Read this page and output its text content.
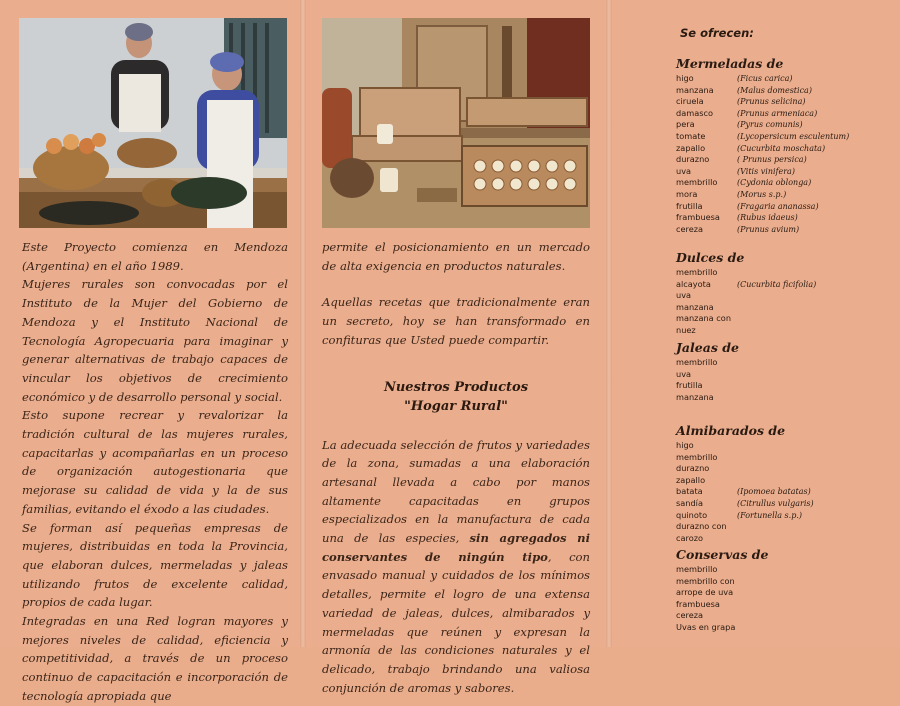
Este Proyecto comienza en Mendoza (Argentina) en el año 1989.

Mujeres rurales son convocadas por el Instituto de la Mujer del Gobierno de Mendoza y el Instituto Nacional de Tecnología Agropecuaria para imaginar y generar alternativas de trabajo capaces de vincular los objetivos de crecimiento económico y de desarrollo personal y social.

Esto supone recrear y revalorizar la tradición cultural de las mujeres rurales, capacitarlas y acompañarlas en un proceso de organización autogestionaria que mejorase su calidad de vida y la de sus familias, evitando el éxodo a las ciudades.

Se forman así pequeñas empresas de mujeres, distribuidas en toda la Provincia, que elaboran dulces, mermeladas y jaleas utilizando frutos de excelente calidad, propios de cada lugar.

Integradas en una Red logran mayores y mejores niveles de calidad, eficiencia y competitividad, a través de un proceso continuo de capacitación e incorporación de tecnología apropiada que

permite el posicionamiento en un mercado de alta exigencia en productos naturales.

Aquellas recetas que tradicionalmente eran un secreto, hoy se han transformado en confituras que Usted puede compartir.

Nuestros Productos

"Hogar Rural"

La adecuada selección de frutos y variedades de la zona, sumadas a una elaboración artesanal llevada a cabo por manos altamente capacitadas en grupos especializados en la manufactura de cada una de las especies, sin agregados ni conservantes de ningún tipo, con envasado manual y cuidados de los mínimos detalles, permite el logro de una extensa variedad de jaleas, dulces, almibarados y mermeladas que reúnen y expresan la armonía de las condiciones naturales y el delicado, trabajo brindando una valiosa conjunción de aromas y sabores.

Se ofrecen:
Mermeladas de
higo	(Ficus carica)
manzana	(Malus domestica)
ciruela	(Prunus selicina)
damasco	(Prunus armeniaca)
pera	(Pyrus comunis)
tomate	(Lycopersicum esculentum)
zapallo	(Cucurbita moschata)
durazno	( Prunus persica)
uva	(Vitis vinifera)
membrillo	(Cydonia oblonga)
mora	(Morus s.p.)
frutilla	(Fragaria ananassa)
frambuesa	(Rubus idaeus)
cereza	(Prunus avium)
Dulces de
membrillo
alcayota	(Cucurbita ficifolia)
uva
manzana
manzana con nuez
Jaleas de
membrillo
uva
frutilla
manzana
Almibarados de
higo
membrillo
durazno
zapallo
batata	(Ipomoea batatas)
sandía	(Citrullus vulgaris)
quinoto	(Fortunella s.p.)
durazno con carozo
Conservas de
membrillo
membrillo con arrope de uva
frambuesa
cereza
Uvas en grapa
